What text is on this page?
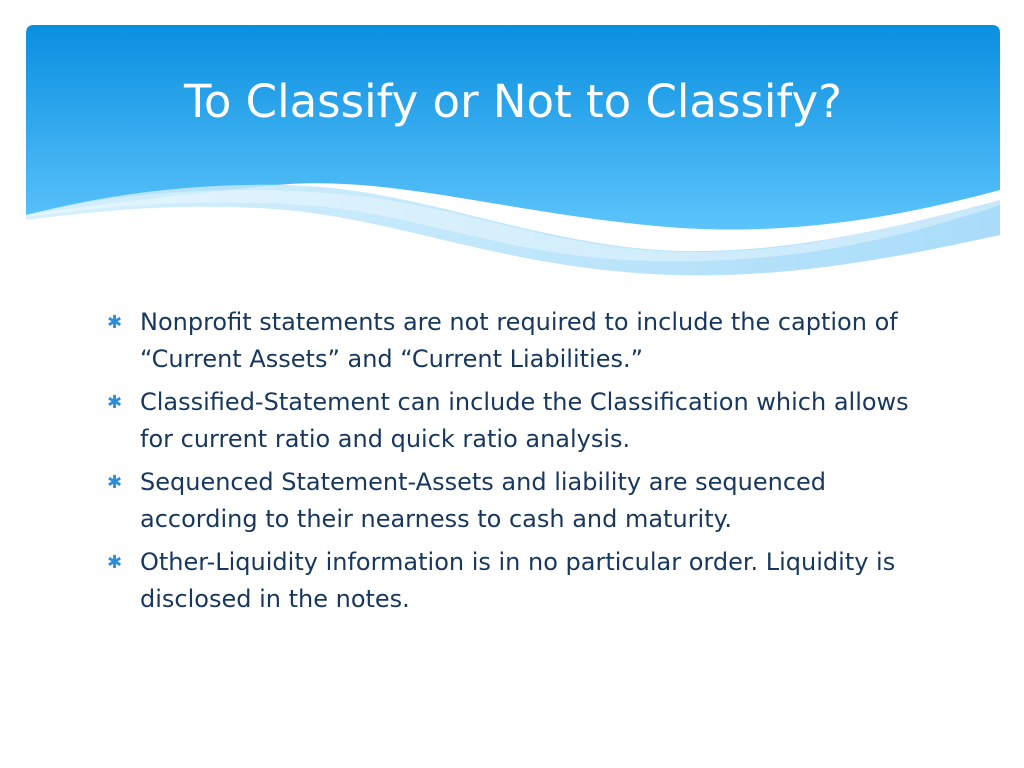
To Classify or Not to Classify?
✱ Nonprofit statements are not required to include the caption of “Current Assets” and “Current Liabilities.”
✱ Classified-Statement can include the Classification which allows for current ratio and quick ratio analysis.
✱ Sequenced Statement-Assets and liability are sequenced according to their nearness to cash and maturity.
✱ Other-Liquidity information is in no particular order. Liquidity is disclosed in the notes.
